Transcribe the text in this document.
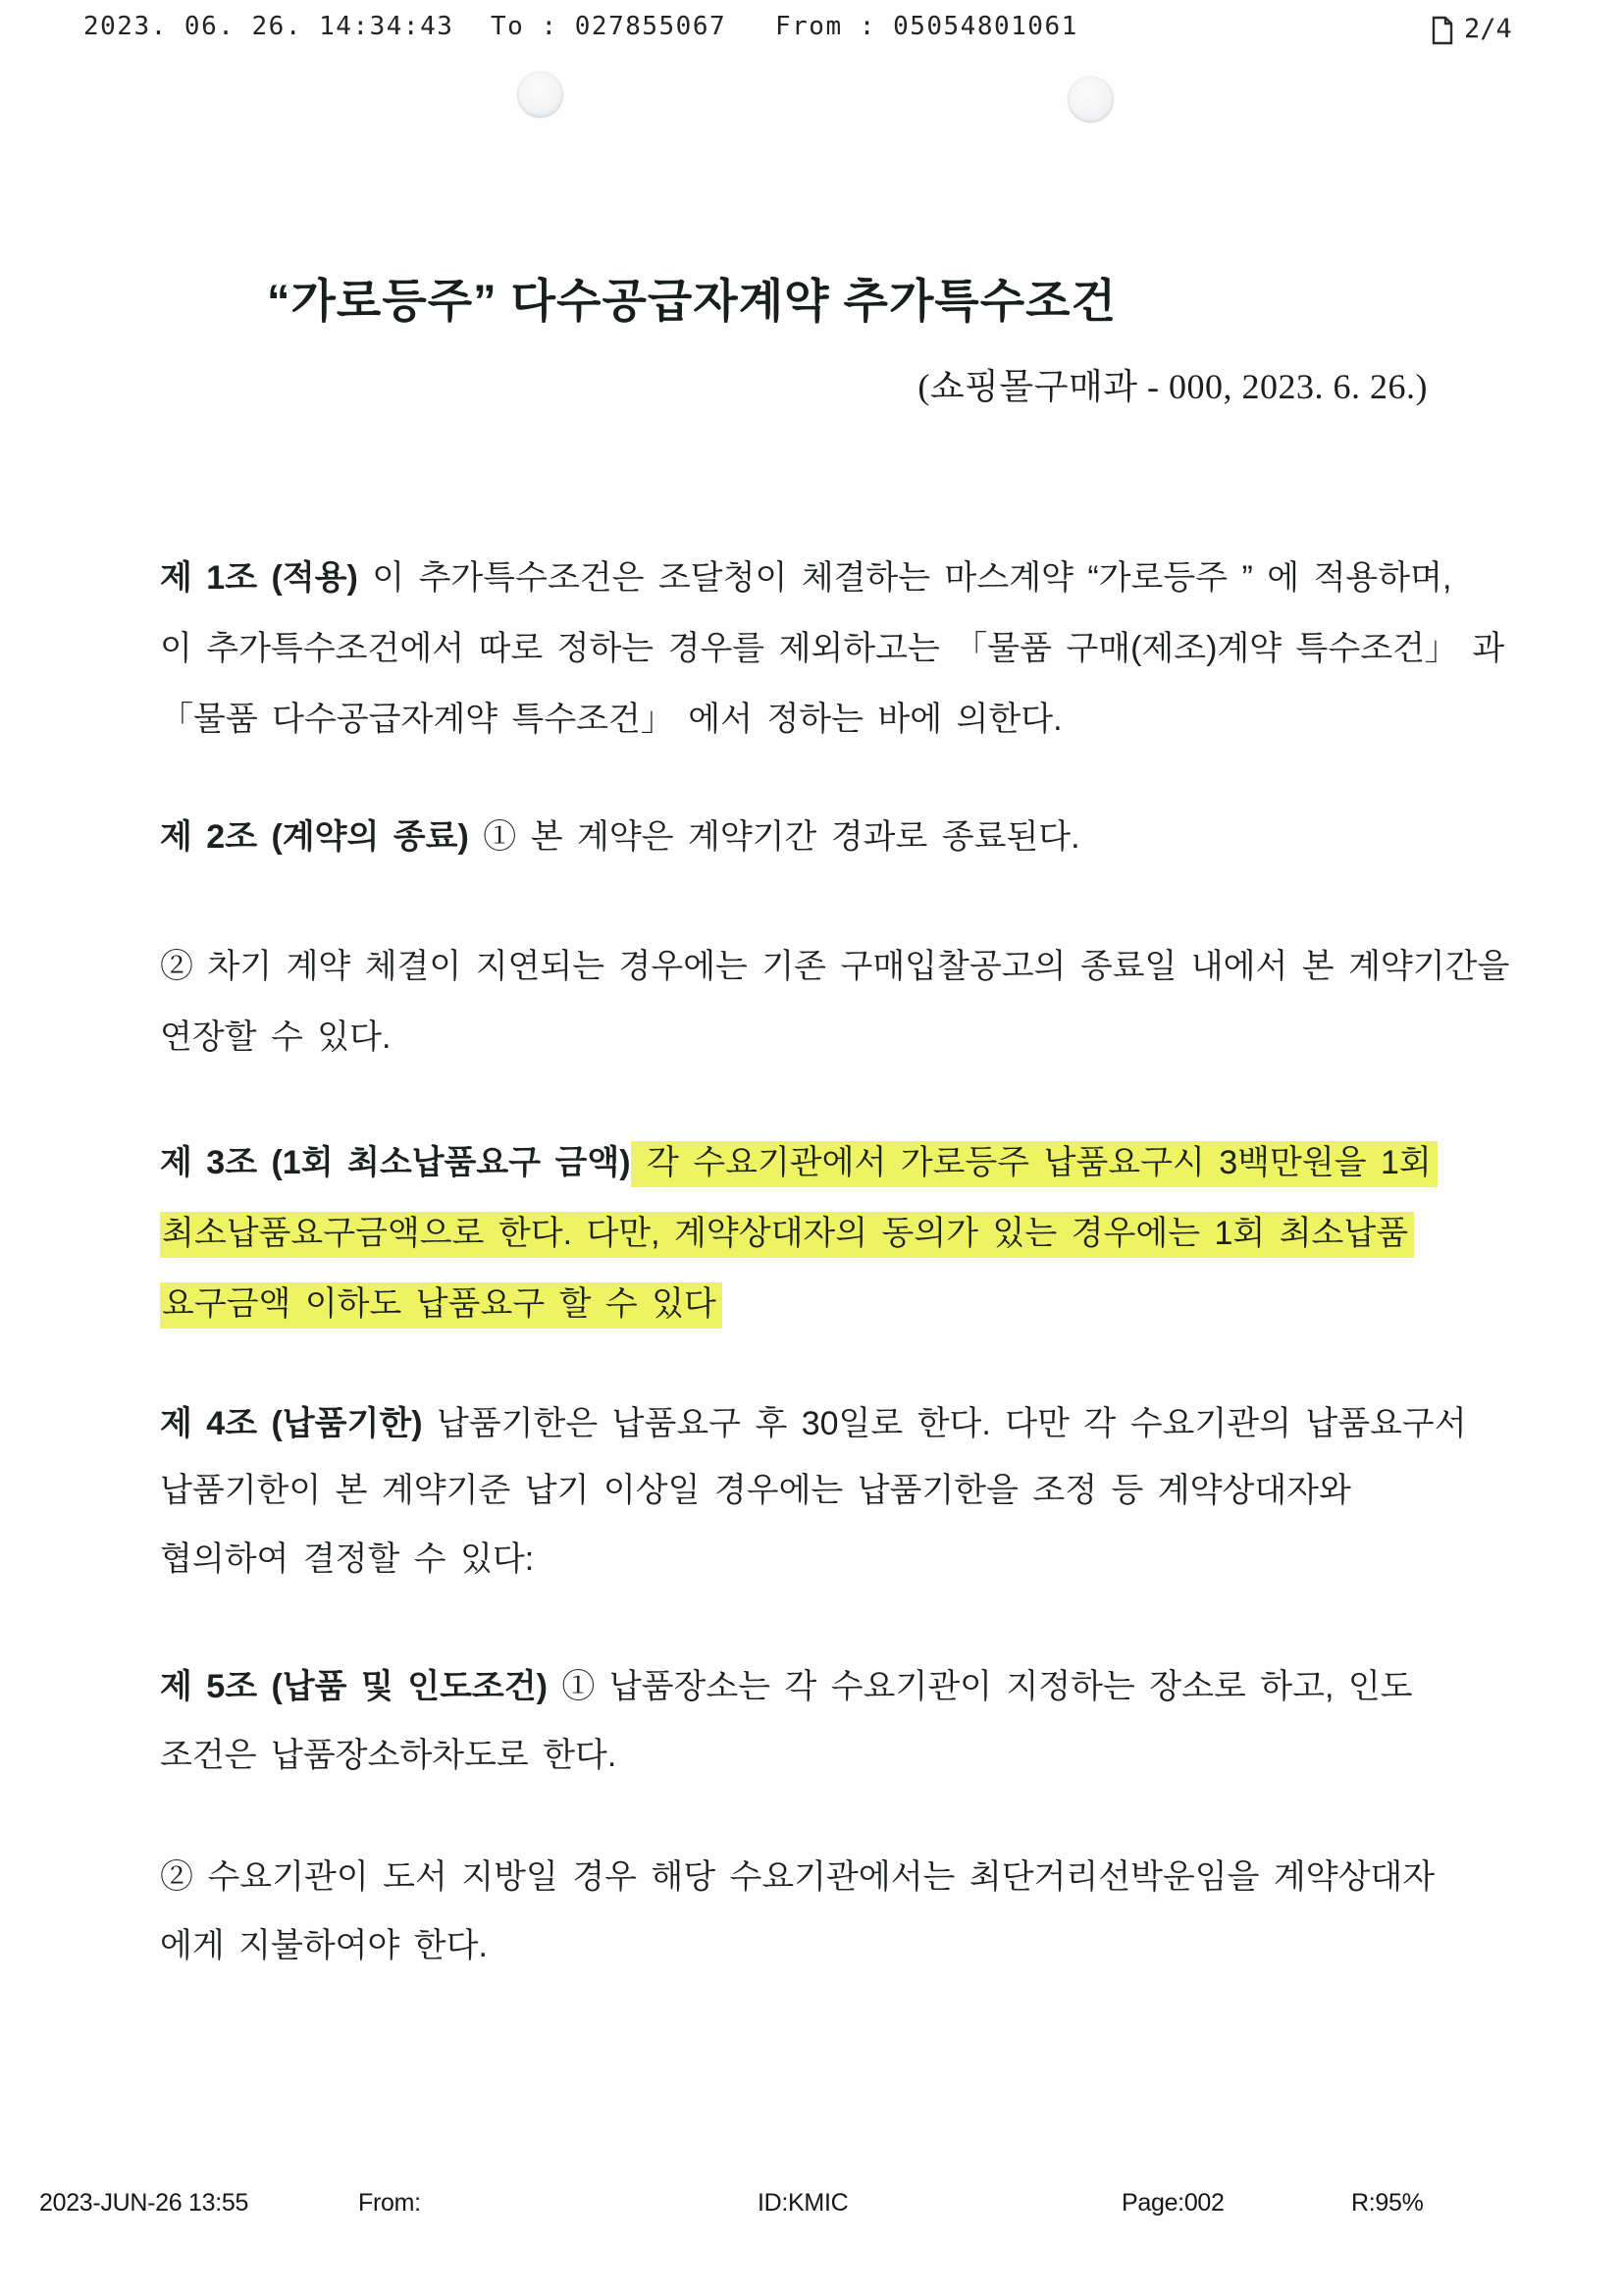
2023. 06. 26. 14:34:43 To : 027855067 From : 05054801061	2/4
“가로등주” 다수공급자계약 추가특수조건
(쇼핑몰구매과 - 000, 2023. 6. 26.)
제 1조 (적용) 이 추가특수조건은 조달청이 체결하는 마스계약 “가로등주 ” 에 적용하며,
이 추가특수조건에서 따로 정하는 경우를 제외하고는 「물품 구매(제조)계약 특수조건」 과
「물품 다수공급자계약 특수조건」 에서 정하는 바에 의한다.
제 2조 (계약의 종료) ① 본 계약은 계약기간 경과로 종료된다.
② 차기 계약 체결이 지연되는 경우에는 기존 구매입찰공고의 종료일 내에서 본 계약기간을
연장할 수 있다.
제 3조 (1회 최소납품요구 금액) 각 수요기관에서 가로등주 납품요구시 3백만원을 1회
최소납품요구금액으로 한다. 다만, 계약상대자의 동의가 있는 경우에는 1회 최소납품
요구금액 이하도 납품요구 할 수 있다
제 4조 (납품기한) 납품기한은 납품요구 후 30일로 한다. 다만 각 수요기관의 납품요구서
납품기한이 본 계약기준 납기 이상일 경우에는 납품기한을 조정 등 계약상대자와
협의하여 결정할 수 있다:
제 5조 (납품 및 인도조건) ① 납품장소는 각 수요기관이 지정하는 장소로 하고, 인도
조건은 납품장소하차도로 한다.
② 수요기관이 도서 지방일 경우 해당 수요기관에서는 최단거리선박운임을 계약상대자
에게 지불하여야 한다.
2023-JUN-26 13:55	From:	ID:KMIC	Page:002	R:95%
